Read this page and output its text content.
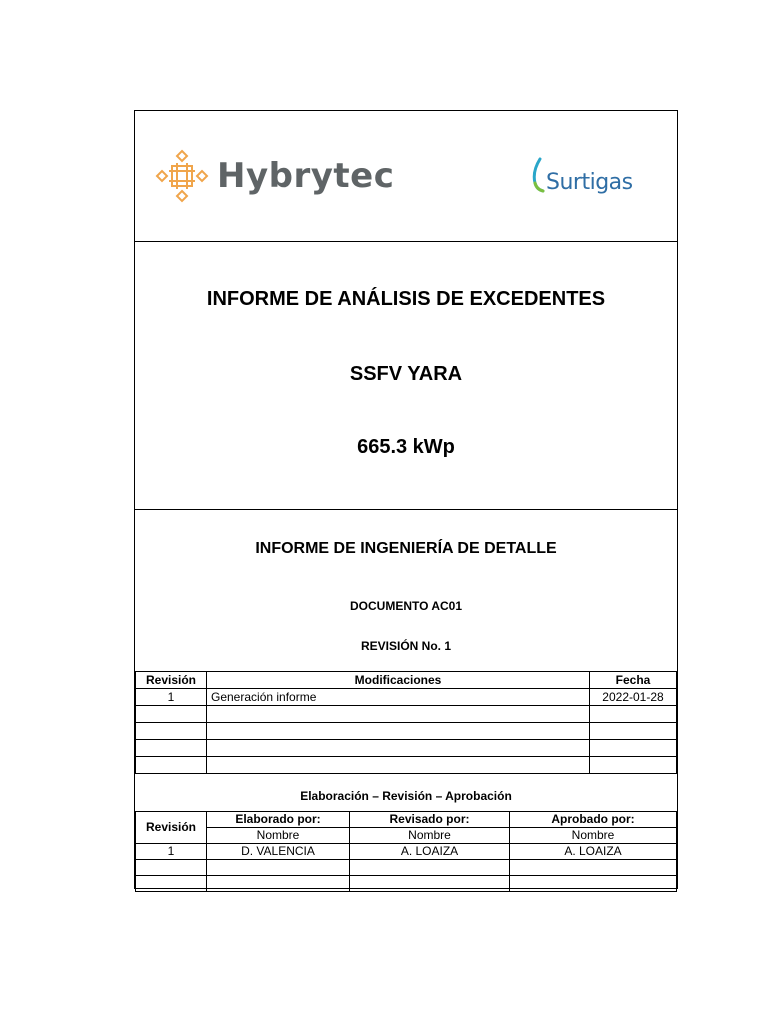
Hybrytec	Surtigas
INFORME DE ANÁLISIS DE EXCEDENTES
SSFV YARA
665.3 kWp
INFORME DE INGENIERÍA DE DETALLE
DOCUMENTO AC01
REVISIÓN No. 1
Revisión	Modificaciones	Fecha
1	Generación informe	2022-01-28

Elaboración – Revisión – Aprobación
Revisión	Elaborado por:	Revisado por:	Aprobado por:
	Nombre	Nombre	Nombre
1	D. VALENCIA	A. LOAIZA	A. LOAIZA
